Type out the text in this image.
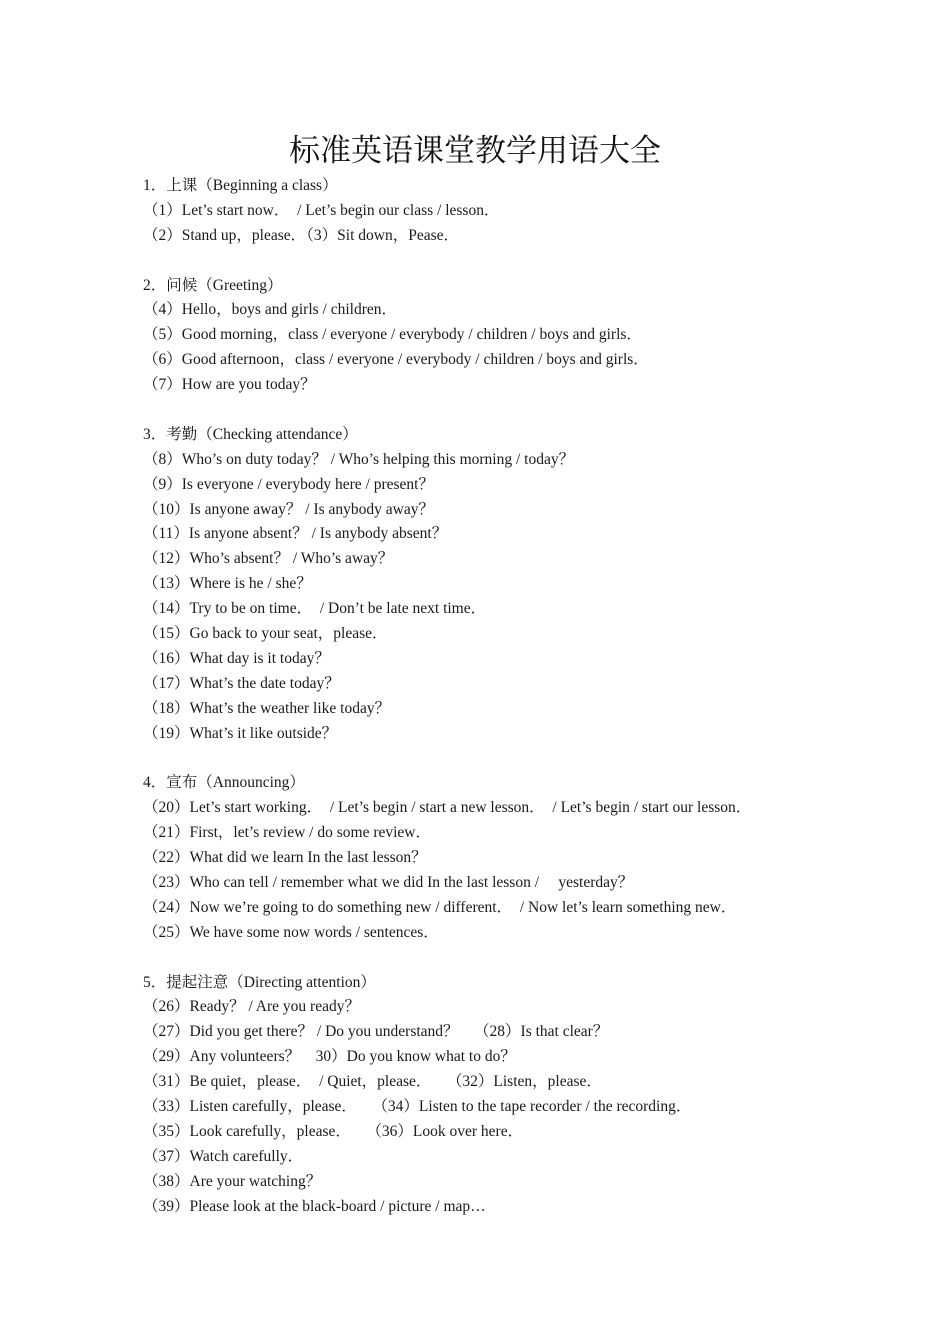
标准英语课堂教学用语大全
1．上课（Beginning a class）
（1）Let’s start now．  / Let’s begin our class / lesson．
（2）Stand up，please．（3）Sit down，Pease．
2．问候（Greeting）
（4）Hello，boys and girls / children．
（5）Good morning，class / everyone / everybody / children / boys and girls．
（6）Good afternoon，class / everyone / everybody / children / boys and girls．
（7）How are you today？
3．考勤（Checking attendance）
（8）Who’s on duty today？ / Who’s helping this morning / today？
（9）Is everyone / everybody here / present？
（10）Is anyone away？ / Is anybody away？
（11）Is anyone absent？ / Is anybody absent？
（12）Who’s absent？ / Who’s away？
（13）Where is he / she？
（14）Try to be on time．  / Don’t be late next time．
（15）Go back to your seat，please．
（16）What day is it today？
（17）What’s the date today？
（18）What’s the weather like today？
（19）What’s it like outside？
4．宣布（Announcing）
（20）Let’s start working．  / Let’s begin / start a new lesson．  / Let’s begin / start our lesson．
（21）First，let’s review / do some review．
（22）What did we learn In the last lesson？
（23）Who can tell / remember what we did In the last lesson /     yesterday？
（24）Now we’re going to do something new / different．  / Now let’s learn something new．
（25）We have some now words / sentences．
5．提起注意（Directing attention）
（26）Ready？ / Are you ready？
（27）Did you get there？ / Do you understand？    （28）Is that clear？
（29）Any volunteers？    30）Do you know what to do？
（31）Be quiet，please．  / Quiet，please．    （32）Listen，please．
（33）Listen carefully，please．    （34）Listen to the tape recorder / the recording．
（35）Look carefully，please．    （36）Look over here．
（37）Watch carefully．
（38）Are your watching？
（39）Please look at the black-board / picture / map…
